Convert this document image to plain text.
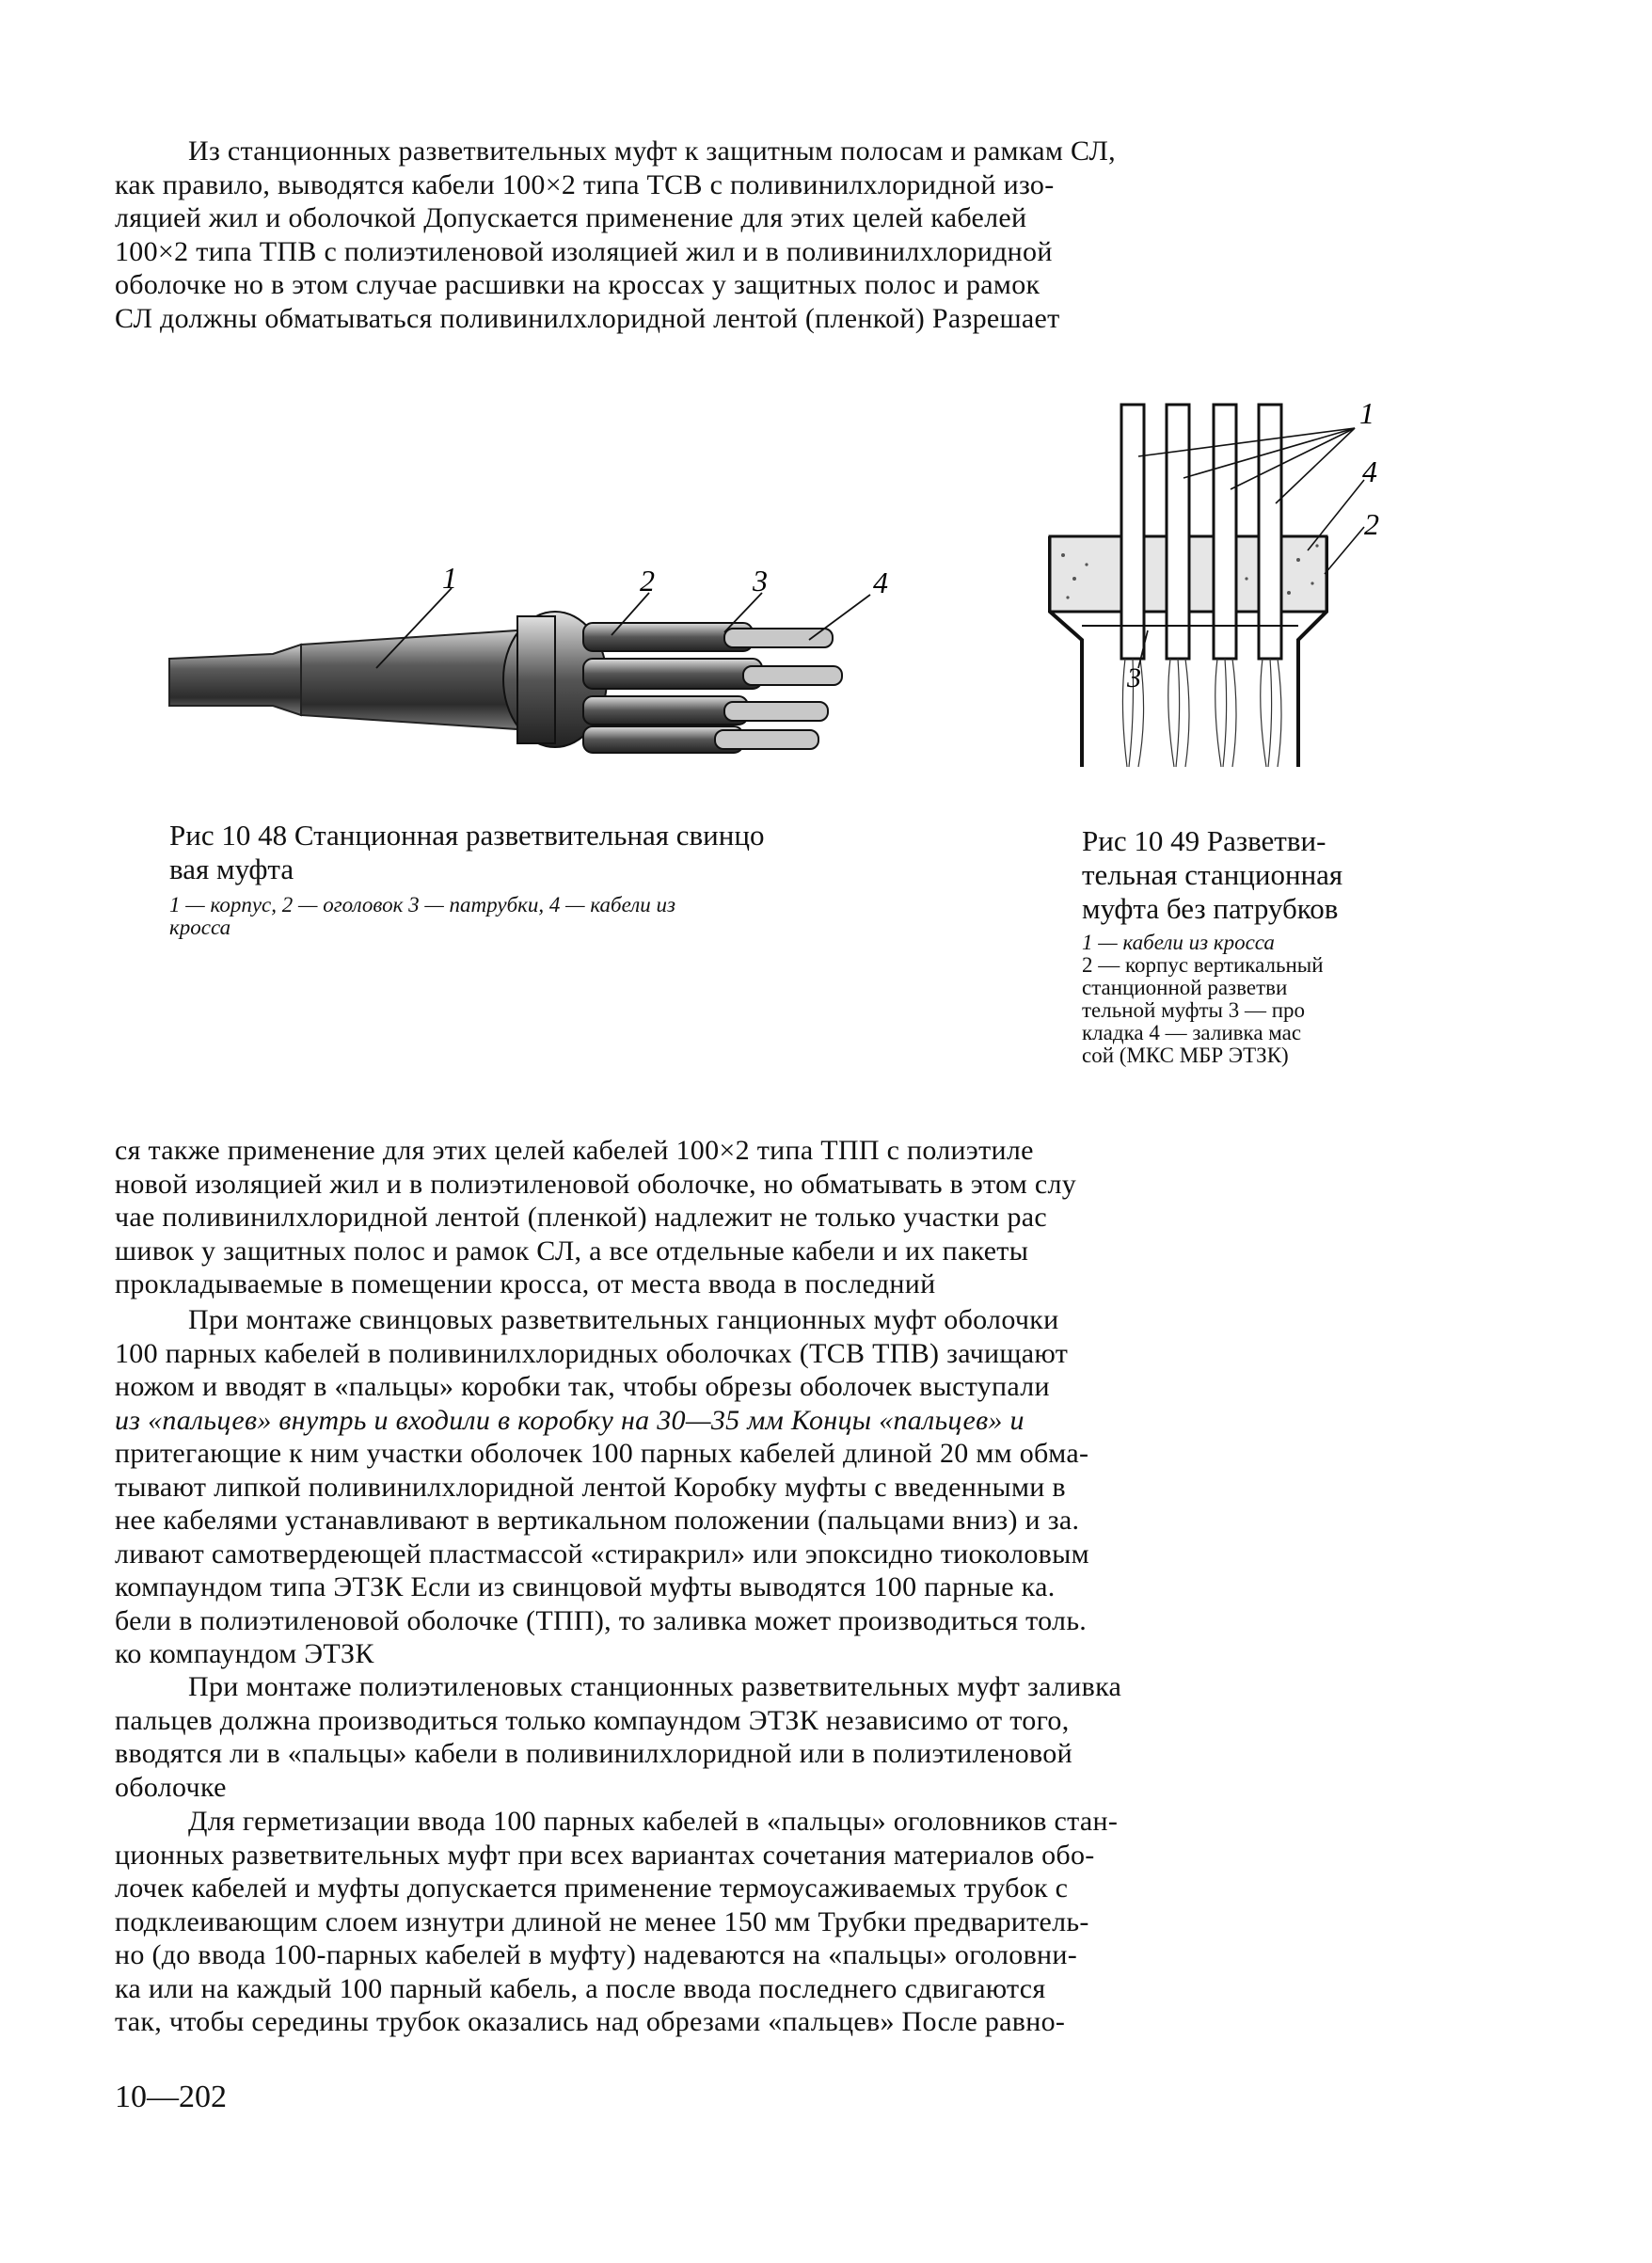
Из станционных разветвительных муфт к защитным полосам и рамкам СЛ,
как правило, выводятся кабели 100×2 типа ТСВ с поливинилхлоридной изо-
ляцией жил и оболочкой Допускается применение для этих целей кабелей
100×2 типа ТПВ с полиэтиленовой изоляцией жил и в поливинилхлоридной
оболочке но в этом случае расшивки на кроссах у защитных полос и рамок
СЛ должны обматываться поливинилхлоридной лентой (пленкой) Разрешает
1	2	3	4
Рис 10 48 Станционная разветвительная свинцо
вая муфта
1 — корпус, 2 — оголовок 3 — патрубки, 4 — кабели из
кросса
1
4
2
3
Рис 10 49 Разветви-
тельная станционная
муфта без патрубков
1 — кабели из кросса
2 — корпус вертикальный
станционной разветви
тельной муфты 3 — про
кладка 4 — заливка мас
сой (МКС МБР ЭТЗК)
ся также применение для этих целей кабелей 100×2 типа ТПП с полиэтиле
новой изоляцией жил и в полиэтиленовой оболочке, но обматывать в этом слу
чае поливинилхлоридной лентой (пленкой) надлежит не только участки рас
шивок у защитных полос и рамок СЛ, а все отдельные кабели и их пакеты
прокладываемые в помещении кросса, от места ввода в последний
При монтаже свинцовых разветвительных ганционных муфт оболочки
100 парных кабелей в поливинилхлоридных оболочках (ТСВ ТПВ) зачищают
ножом и вводят в «пальцы» коробки так, чтобы обрезы оболочек выступали
из «пальцев» внутрь и входили в коробку на 30—35 мм Концы «пальцев» и
притегающие к ним участки оболочек 100 парных кабелей длиной 20 мм обма-
тывают липкой поливинилхлоридной лентой Коробку муфты с введенными в
нее кабелями устанавливают в вертикальном положении (пальцами вниз) и за.
ливают самотвердеющей пластмассой «стиракрил» или эпоксидно тиоколовым
компаундом типа ЭТЗК Если из свинцовой муфты выводятся 100 парные ка.
бели в полиэтиленовой оболочке (ТПП), то заливка может производиться толь.
ко компаундом ЭТЗК
При монтаже полиэтиленовых станционных разветвительных муфт заливка
пальцев должна производиться только компаундом ЭТЗК независимо от того,
вводятся ли в «пальцы» кабели в поливинилхлоридной или в полиэтиленовой
оболочке
Для герметизации ввода 100 парных кабелей в «пальцы» оголовников стан-
ционных разветвительных муфт при всех вариантах сочетания материалов обо-
лочек кабелей и муфты допускается применение термоусаживаемых трубок с
подклеивающим слоем изнутри длиной не менее 150 мм Трубки предваритель-
но (до ввода 100-парных кабелей в муфту) надеваются на «пальцы» оголовни-
ка или на каждый 100 парный кабель, а после ввода последнего сдвигаются
так, чтобы середины трубок оказались над обрезами «пальцев» После равно-
10—202
